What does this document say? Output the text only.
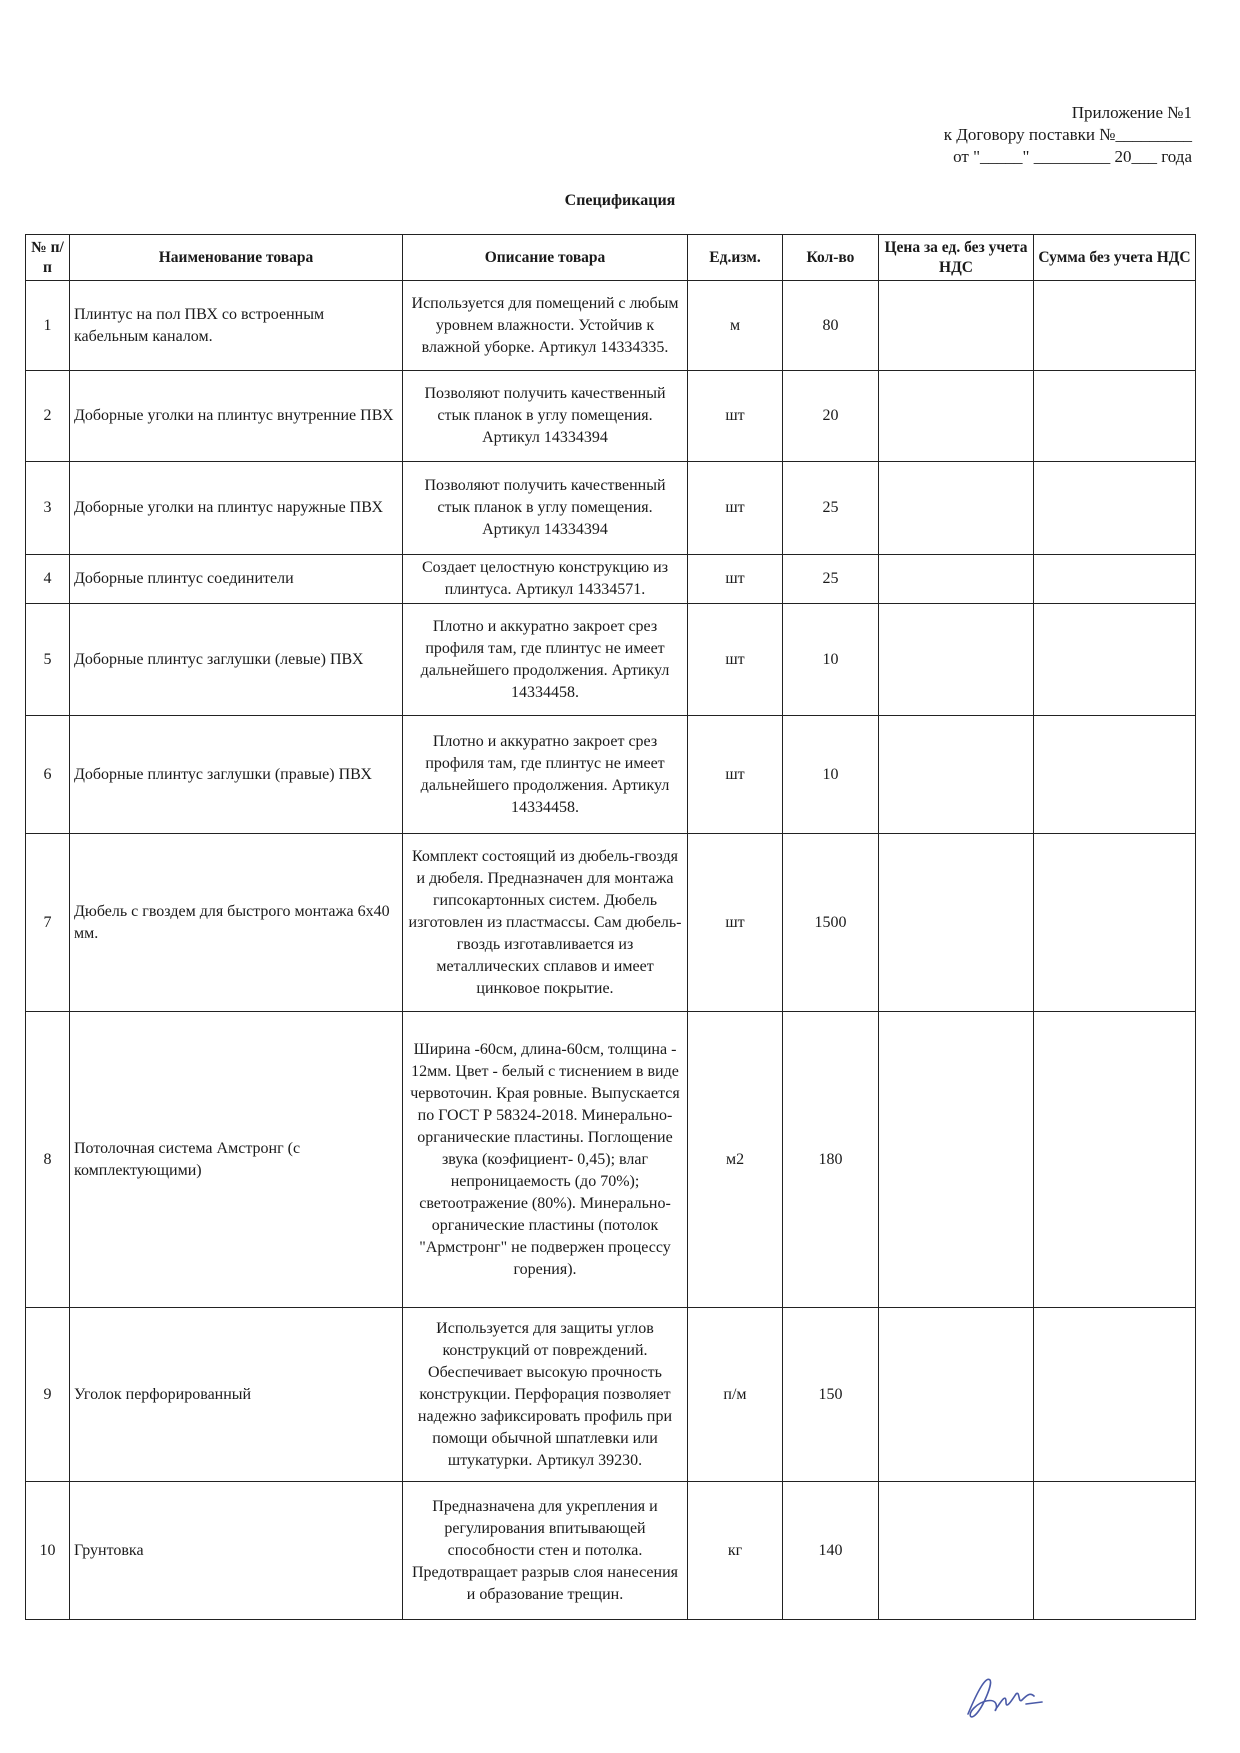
Приложение №1
к Договору поставки №_________
от "_____" _________ 20___ года
Спецификация
№ п/п	Наименование товара	Описание товара	Ед.изм.	Кол-во	Цена за ед. без учета НДС	Сумма без учета НДС
1	Плинтус на пол ПВХ со встроенным кабельным каналом.	Используется для помещений с любым уровнем влажности. Устойчив к влажной уборке. Артикул 14334335.	м	80		
2	Доборные уголки на плинтус внутренние ПВХ	Позволяют получить качественный стык планок в углу помещения. Артикул 14334394	шт	20		
3	Доборные уголки на плинтус наружные ПВХ	Позволяют получить качественный стык планок в углу помещения. Артикул 14334394	шт	25		
4	Доборные плинтус соединители	Создает целостную конструкцию из плинтуса. Артикул 14334571.	шт	25		
5	Доборные плинтус заглушки (левые) ПВХ	Плотно и аккуратно закроет срез профиля там, где плинтус не имеет дальнейшего продолжения. Артикул 14334458.	шт	10		
6	Доборные плинтус заглушки (правые) ПВХ	Плотно и аккуратно закроет срез профиля там, где плинтус не имеет дальнейшего продолжения. Артикул 14334458.	шт	10		
7	Дюбель с гвоздем для быстрого монтажа 6х40 мм.	Комплект состоящий из дюбель-гвоздя и дюбеля. Предназначен для монтажа гипсокартонных систем. Дюбель изготовлен из пластмассы. Сам дюбель- гвоздь изготавливается из металлических сплавов и имеет цинковое покрытие.	шт	1500		
8	Потолочная система Амстронг (с комплектующими)	Ширина -60см, длина-60см, толщина - 12мм. Цвет - белый с тиснением в виде червоточин. Края ровные. Выпускается по ГОСТ Р 58324-2018. Минерально-органические пластины. Поглощение звука (коэфициент- 0,45); влаг непроницаемость (до 70%); светоотражение (80%). Минерально-органические пластины (потолок "Армстронг" не подвержен процессу горения).	м2	180		
9	Уголок перфорированный	Используется для защиты углов конструкций от повреждений. Обеспечивает высокую прочность конструкции. Перфорация позволяет надежно зафиксировать профиль при помощи обычной шпатлевки или штукатурки. Артикул 39230.	п/м	150		
10	Грунтовка	Предназначена для укрепления и регулирования впитывающей способности стен и потолка. Предотвращает разрыв слоя нанесения и образование трещин.	кг	140		
